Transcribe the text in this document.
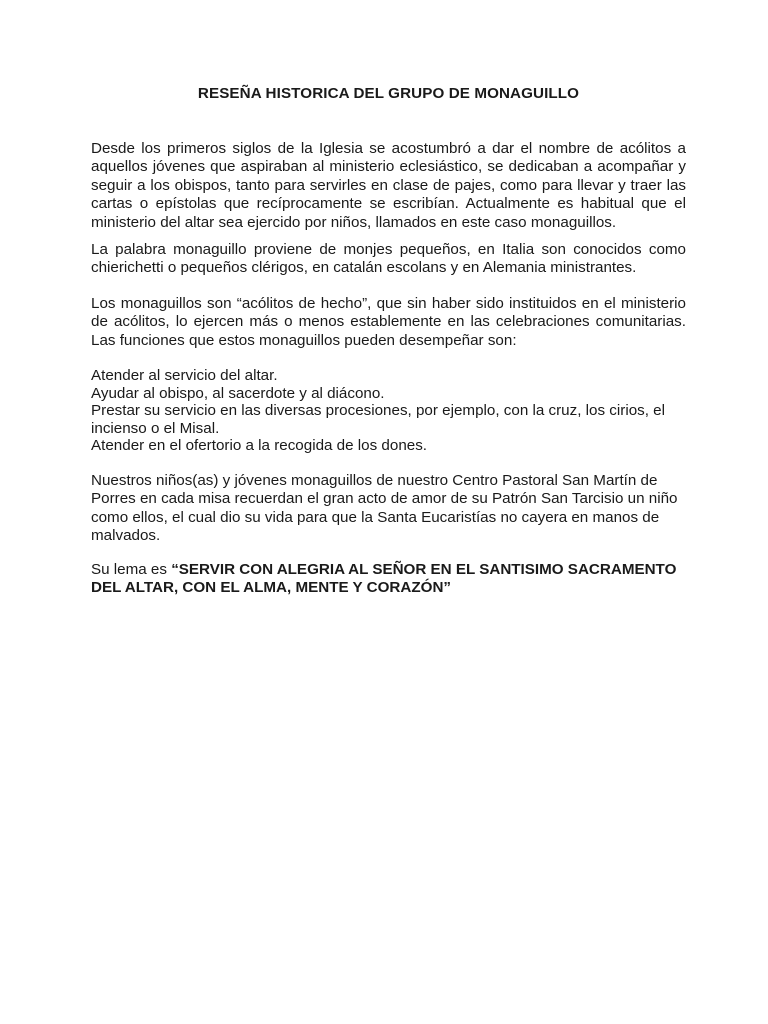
RESEÑA HISTORICA DEL GRUPO DE MONAGUILLO

Desde los primeros siglos de la Iglesia se acostumbró a dar el nombre de acólitos a aquellos jóvenes que aspiraban al ministerio eclesiástico, se dedicaban a acompañar y seguir a los obispos, tanto para servirles en clase de pajes, como para llevar y traer las cartas o epístolas que recíprocamente se escribían. Actualmente es habitual que el ministerio del altar sea ejercido por niños, llamados en este caso monaguillos.

La palabra monaguillo proviene de monjes pequeños, en Italia son conocidos como chierichetti o pequeños clérigos, en catalán escolans y en Alemania ministrantes.

Los monaguillos son “acólitos de hecho”, que sin haber sido instituidos en el ministerio de acólitos, lo ejercen más o menos establemente en las celebraciones comunitarias. Las funciones que estos monaguillos pueden desempeñar son:

Atender al servicio del altar.
Ayudar al obispo, al sacerdote y al diácono.
Prestar su servicio en las diversas procesiones, por ejemplo, con la cruz, los cirios, el incienso o el Misal.
Atender en el ofertorio a la recogida de los dones.

Nuestros niños(as) y jóvenes monaguillos de nuestro Centro Pastoral San Martín de Porres en cada misa recuerdan el gran acto de amor de su Patrón San Tarcisio un niño como ellos, el cual dio su vida para que la Santa Eucaristías no cayera en manos de malvados.

Su lema es “SERVIR CON ALEGRIA AL SEÑOR EN EL SANTISIMO SACRAMENTO DEL ALTAR, CON EL ALMA, MENTE Y CORAZÓN”
